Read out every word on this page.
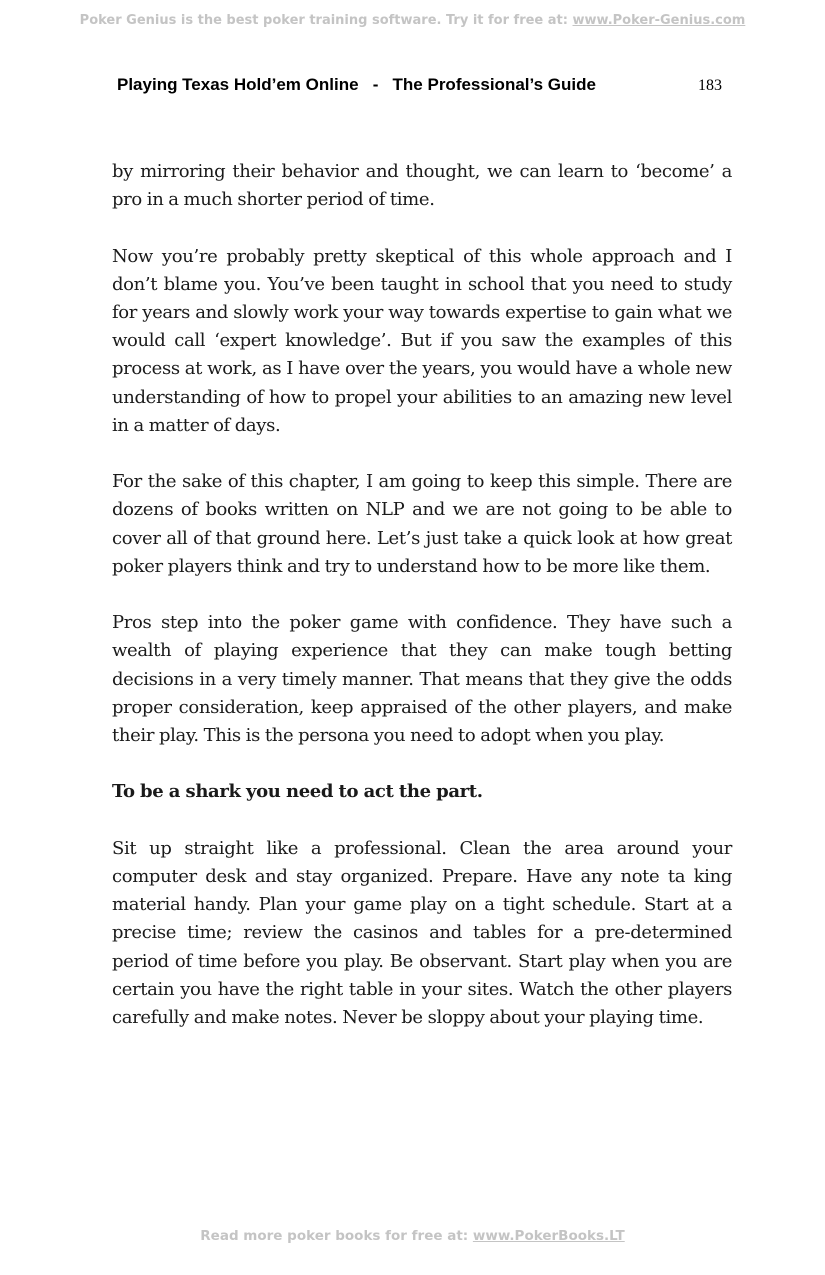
Poker Genius is the best poker training software. Try it for free at: www.Poker-Genius.com
Playing Texas Hold’em Online   -   The Professional’s Guide	183

by mirroring their behavior and thought, we can learn to ‘become’ a pro in a much shorter period of time.

Now you’re probably pretty skeptical of this whole approach and I don’t blame you. You’ve been taught in school that you need to study for years and slowly work your way towards expertise to gain what we would call ‘expert knowledge’. But if you saw the examples of this process at work, as I have over the years, you would have a whole new understanding of how to propel your abilities to an amazing new level in a matter of days.

For the sake of this chapter, I am going to keep this simple. There are dozens of books written on NLP and we are not going to be able to cover all of that ground here. Let’s just take a quick look at how great poker players think and try to understand how to be more like them.

Pros step into the poker game with confidence. They have such a wealth of playing experience that they can make tough betting decisions in a very timely manner. That means that they give the odds proper consideration, keep appraised of the other players, and make their play. This is the persona you need to adopt when you play.

To be a shark you need to act the part.

Sit up straight like a professional. Clean the area around your computer desk and stay organized. Prepare. Have any note ta king material handy. Plan your game play on a tight schedule. Start at a precise time; review the casinos and tables for a pre-determined period of time before you play. Be observant. Start play when you are certain you have the right table in your sites. Watch the other players carefully and make notes. Never be sloppy about your playing time.

Read more poker books for free at: www.PokerBooks.LT
